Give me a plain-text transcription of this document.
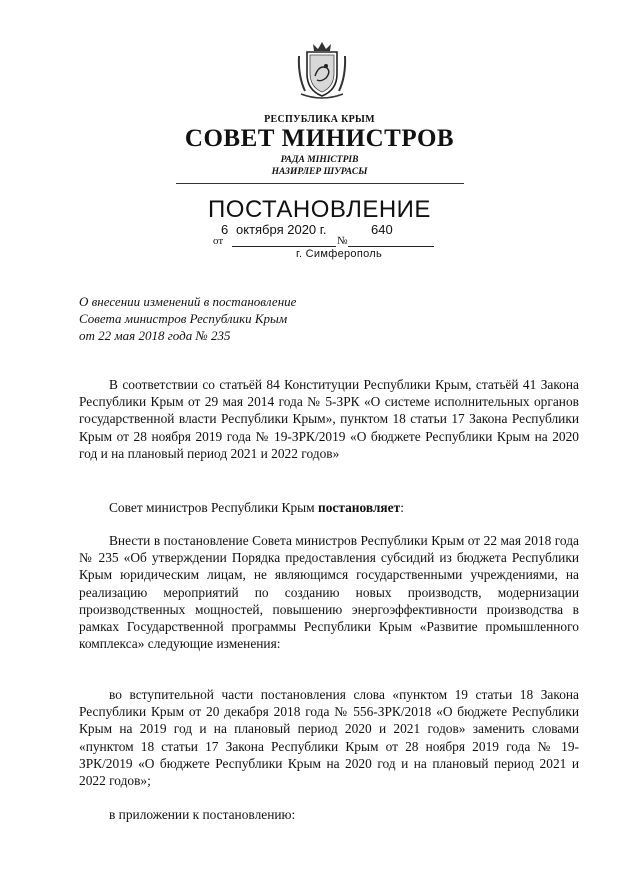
РЕСПУБЛИКА КРЫМ
СОВЕТ МИНИСТРОВ
РАДА МІНІСТРІВ
НАЗИРЛЕР ШУРАСЫ
ПОСТАНОВЛЕНИЕ
6 октября 2020 г.	640
от	№
г. Симферополь
О внесении изменений в постановление
Совета министров Республики Крым
от 22 мая 2018 года № 235
В соответствии со статьёй 84 Конституции Республики Крым, статьёй 41 Закона Республики Крым от 29 мая 2014 года № 5-ЗРК «О системе исполнительных органов государственной власти Республики Крым», пунктом 18 статьи 17 Закона Республики Крым от 28 ноября 2019 года № 19-ЗРК/2019 «О бюджете Республики Крым на 2020 год и на плановый период 2021 и 2022 годов»
Совет министров Республики Крым постановляет:
Внести в постановление Совета министров Республики Крым от 22 мая 2018 года № 235 «Об утверждении Порядка предоставления субсидий из бюджета Республики Крым юридическим лицам, не являющимся государственными учреждениями, на реализацию мероприятий по созданию новых производств, модернизации производственных мощностей, повышению энергоэффективности производства в рамках Государственной программы Республики Крым «Развитие промышленного комплекса» следующие изменения:
во вступительной части постановления слова «пунктом 19 статьи 18 Закона Республики Крым от 20 декабря 2018 года № 556-ЗРК/2018 «О бюджете Республики Крым на 2019 год и на плановый период 2020 и 2021 годов» заменить словами «пунктом 18 статьи 17 Закона Республики Крым от 28 ноября 2019 года № 19-ЗРК/2019 «О бюджете Республики Крым на 2020 год и на плановый период 2021 и 2022 годов»;
в приложении к постановлению:
